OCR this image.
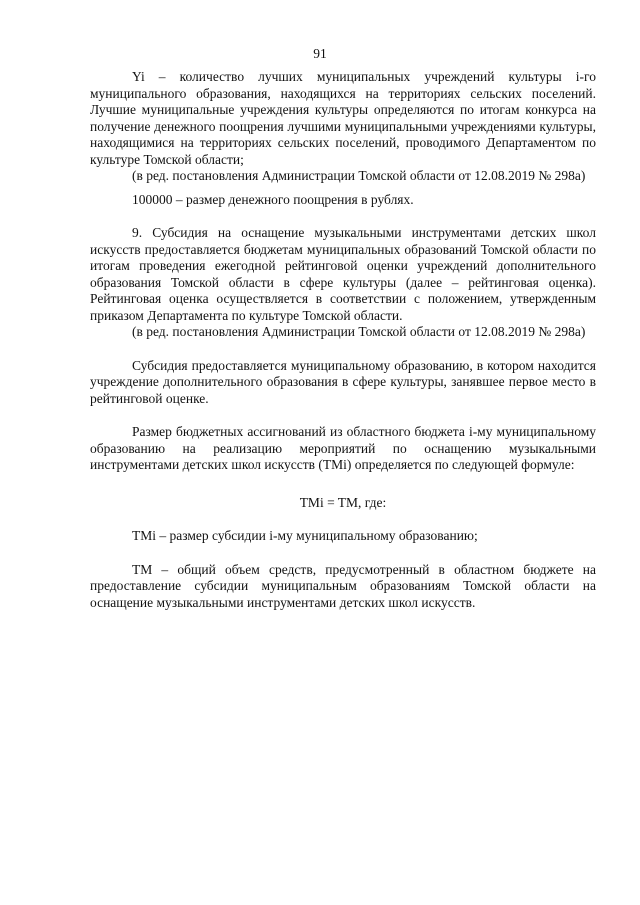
91

Yi – количество лучших муниципальных учреждений культуры i-го муниципального образования, находящихся на территориях сельских поселений. Лучшие муниципальные учреждения культуры определяются по итогам конкурса на получение денежного поощрения лучшими муниципальными учреждениями культуры, находящимися на территориях сельских поселений, проводимого Департаментом по культуре Томской области;

(в ред. постановления Администрации Томской области от 12.08.2019 № 298а)

100000 – размер денежного поощрения в рублях.

9. Субсидия на оснащение музыкальными инструментами детских школ искусств предоставляется бюджетам муниципальных образований Томской области по итогам проведения ежегодной рейтинговой оценки учреждений дополнительного образования Томской области в сфере культуры (далее – рейтинговая оценка). Рейтинговая оценка осуществляется в соответствии с положением, утвержденным приказом Департамента по культуре Томской области.

(в ред. постановления Администрации Томской области от 12.08.2019 № 298а)

Субсидия предоставляется муниципальному образованию, в котором находится учреждение дополнительного образования в сфере культуры, занявшее первое место в рейтинговой оценке.

Размер бюджетных ассигнований из областного бюджета i-му муниципальному образованию на реализацию мероприятий по оснащению музыкальными инструментами детских школ искусств (TMi) определяется по следующей формуле:

TMi = TM, где:

TMi – размер субсидии i-му муниципальному образованию;

TM – общий объем средств, предусмотренный в областном бюджете на предоставление субсидии муниципальным образованиям Томской области на оснащение музыкальными инструментами детских школ искусств.
